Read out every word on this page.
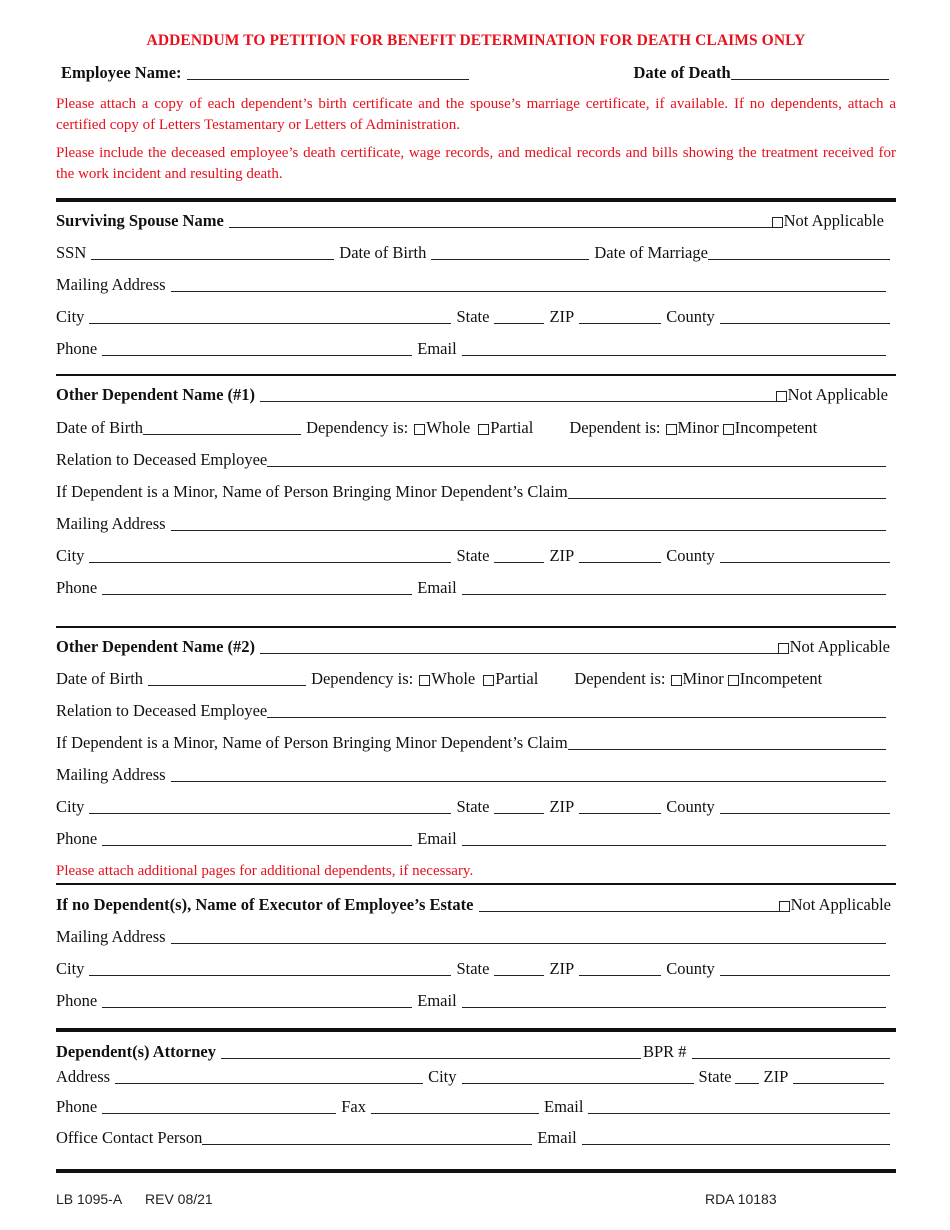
ADDENDUM TO PETITION FOR BENEFIT DETERMINATION FOR DEATH CLAIMS ONLY
Employee Name:	Date of Death
Please attach a copy of each dependent’s birth certificate and the spouse’s marriage certificate, if available. If no dependents, attach a certified copy of Letters Testamentary or Letters of Administration.
Please include the deceased employee’s death certificate, wage records, and medical records and bills showing the treatment received for the work incident and resulting death.
Surviving Spouse Name	Not Applicable
SSN	Date of Birth	Date of Marriage
Mailing Address
City	State	ZIP	County
Phone	Email
Other Dependent Name (#1)	Not Applicable
Date of Birth	Dependency is: Whole Partial Dependent is: Minor Incompetent
Relation to Deceased Employee
If Dependent is a Minor, Name of Person Bringing Minor Dependent’s Claim
Mailing Address
City	State	ZIP	County
Phone	Email
Other Dependent Name (#2)	Not Applicable
Date of Birth	Dependency is: Whole Partial Dependent is: Minor Incompetent
Relation to Deceased Employee
If Dependent is a Minor, Name of Person Bringing Minor Dependent’s Claim
Mailing Address
City	State	ZIP	County
Phone	Email
Please attach additional pages for additional dependents, if necessary.
If no Dependent(s), Name of Executor of Employee’s Estate	Not Applicable
Mailing Address
City	State	ZIP	County
Phone	Email
Dependent(s) Attorney	BPR #
Address	City	State ZIP
Phone	Fax	Email
Office Contact Person	Email
LB 1095-A REV 08/21	RDA 10183
